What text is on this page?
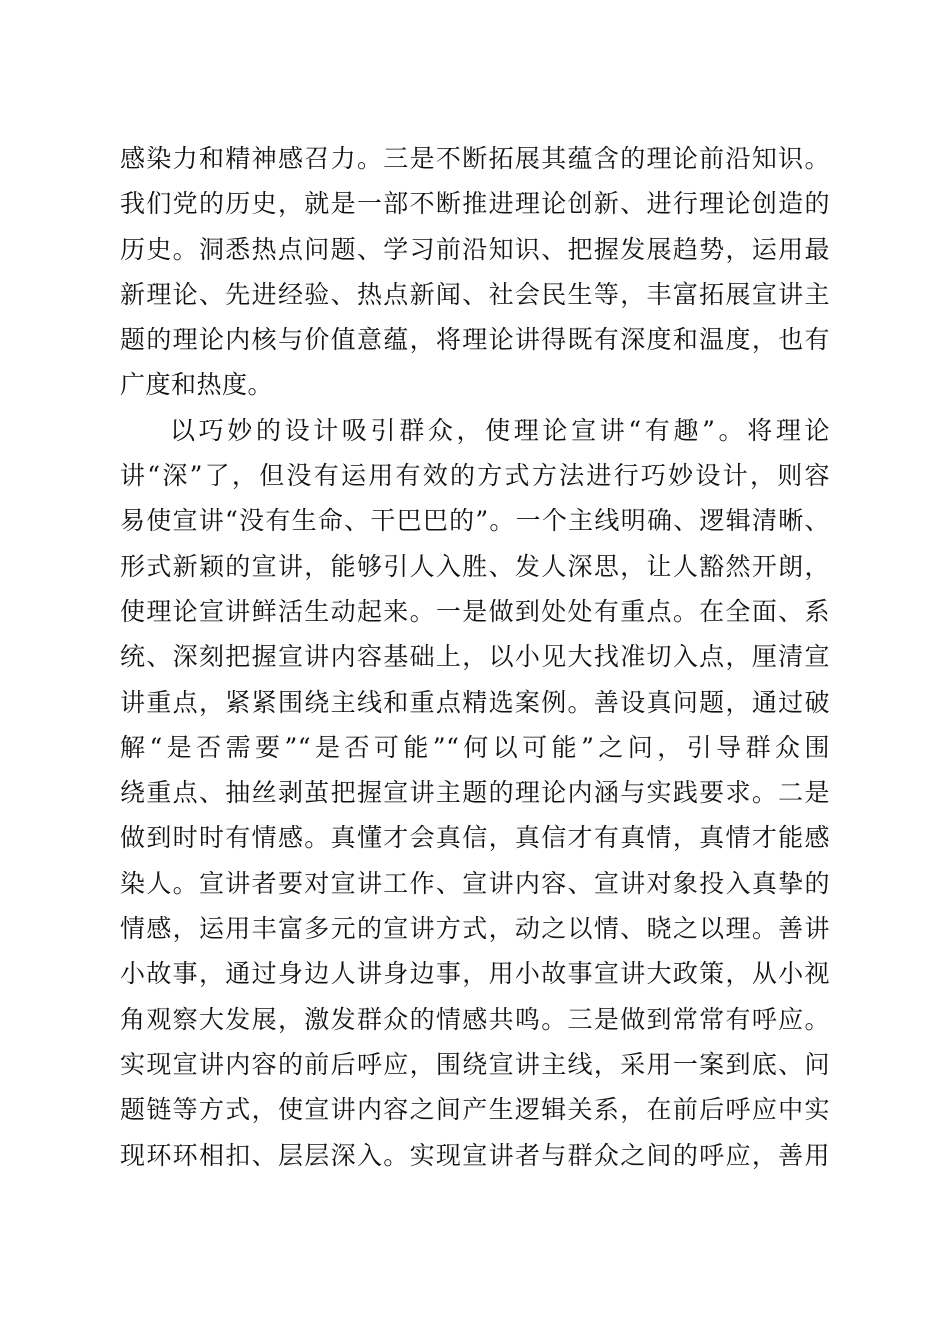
感染力和精神感召力。三是不断拓展其蕴含的理论前沿知识。
我们党的历史，就是一部不断推进理论创新、进行理论创造的
历史。洞悉热点问题、学习前沿知识、把握发展趋势，运用最
新理论、先进经验、热点新闻、社会民生等，丰富拓展宣讲主
题的理论内核与价值意蕴，将理论讲得既有深度和温度，也有
广度和热度。
以巧妙的设计吸引群众，使理论宣讲“有趣”。将理论
讲“深”了，但没有运用有效的方式方法进行巧妙设计，则容
易使宣讲“没有生命、干巴巴的”。一个主线明确、逻辑清晰、
形式新颖的宣讲，能够引人入胜、发人深思，让人豁然开朗，
使理论宣讲鲜活生动起来。一是做到处处有重点。在全面、系
统、深刻把握宣讲内容基础上，以小见大找准切入点，厘清宣
讲重点，紧紧围绕主线和重点精选案例。善设真问题，通过破
解“是否需要”“是否可能”“何以可能”之问，引导群众围
绕重点、抽丝剥茧把握宣讲主题的理论内涵与实践要求。二是
做到时时有情感。真懂才会真信，真信才有真情，真情才能感
染人。宣讲者要对宣讲工作、宣讲内容、宣讲对象投入真挚的
情感，运用丰富多元的宣讲方式，动之以情、晓之以理。善讲
小故事，通过身边人讲身边事，用小故事宣讲大政策，从小视
角观察大发展，激发群众的情感共鸣。三是做到常常有呼应。
实现宣讲内容的前后呼应，围绕宣讲主线，采用一案到底、问
题链等方式，使宣讲内容之间产生逻辑关系，在前后呼应中实
现环环相扣、层层深入。实现宣讲者与群众之间的呼应，善用
